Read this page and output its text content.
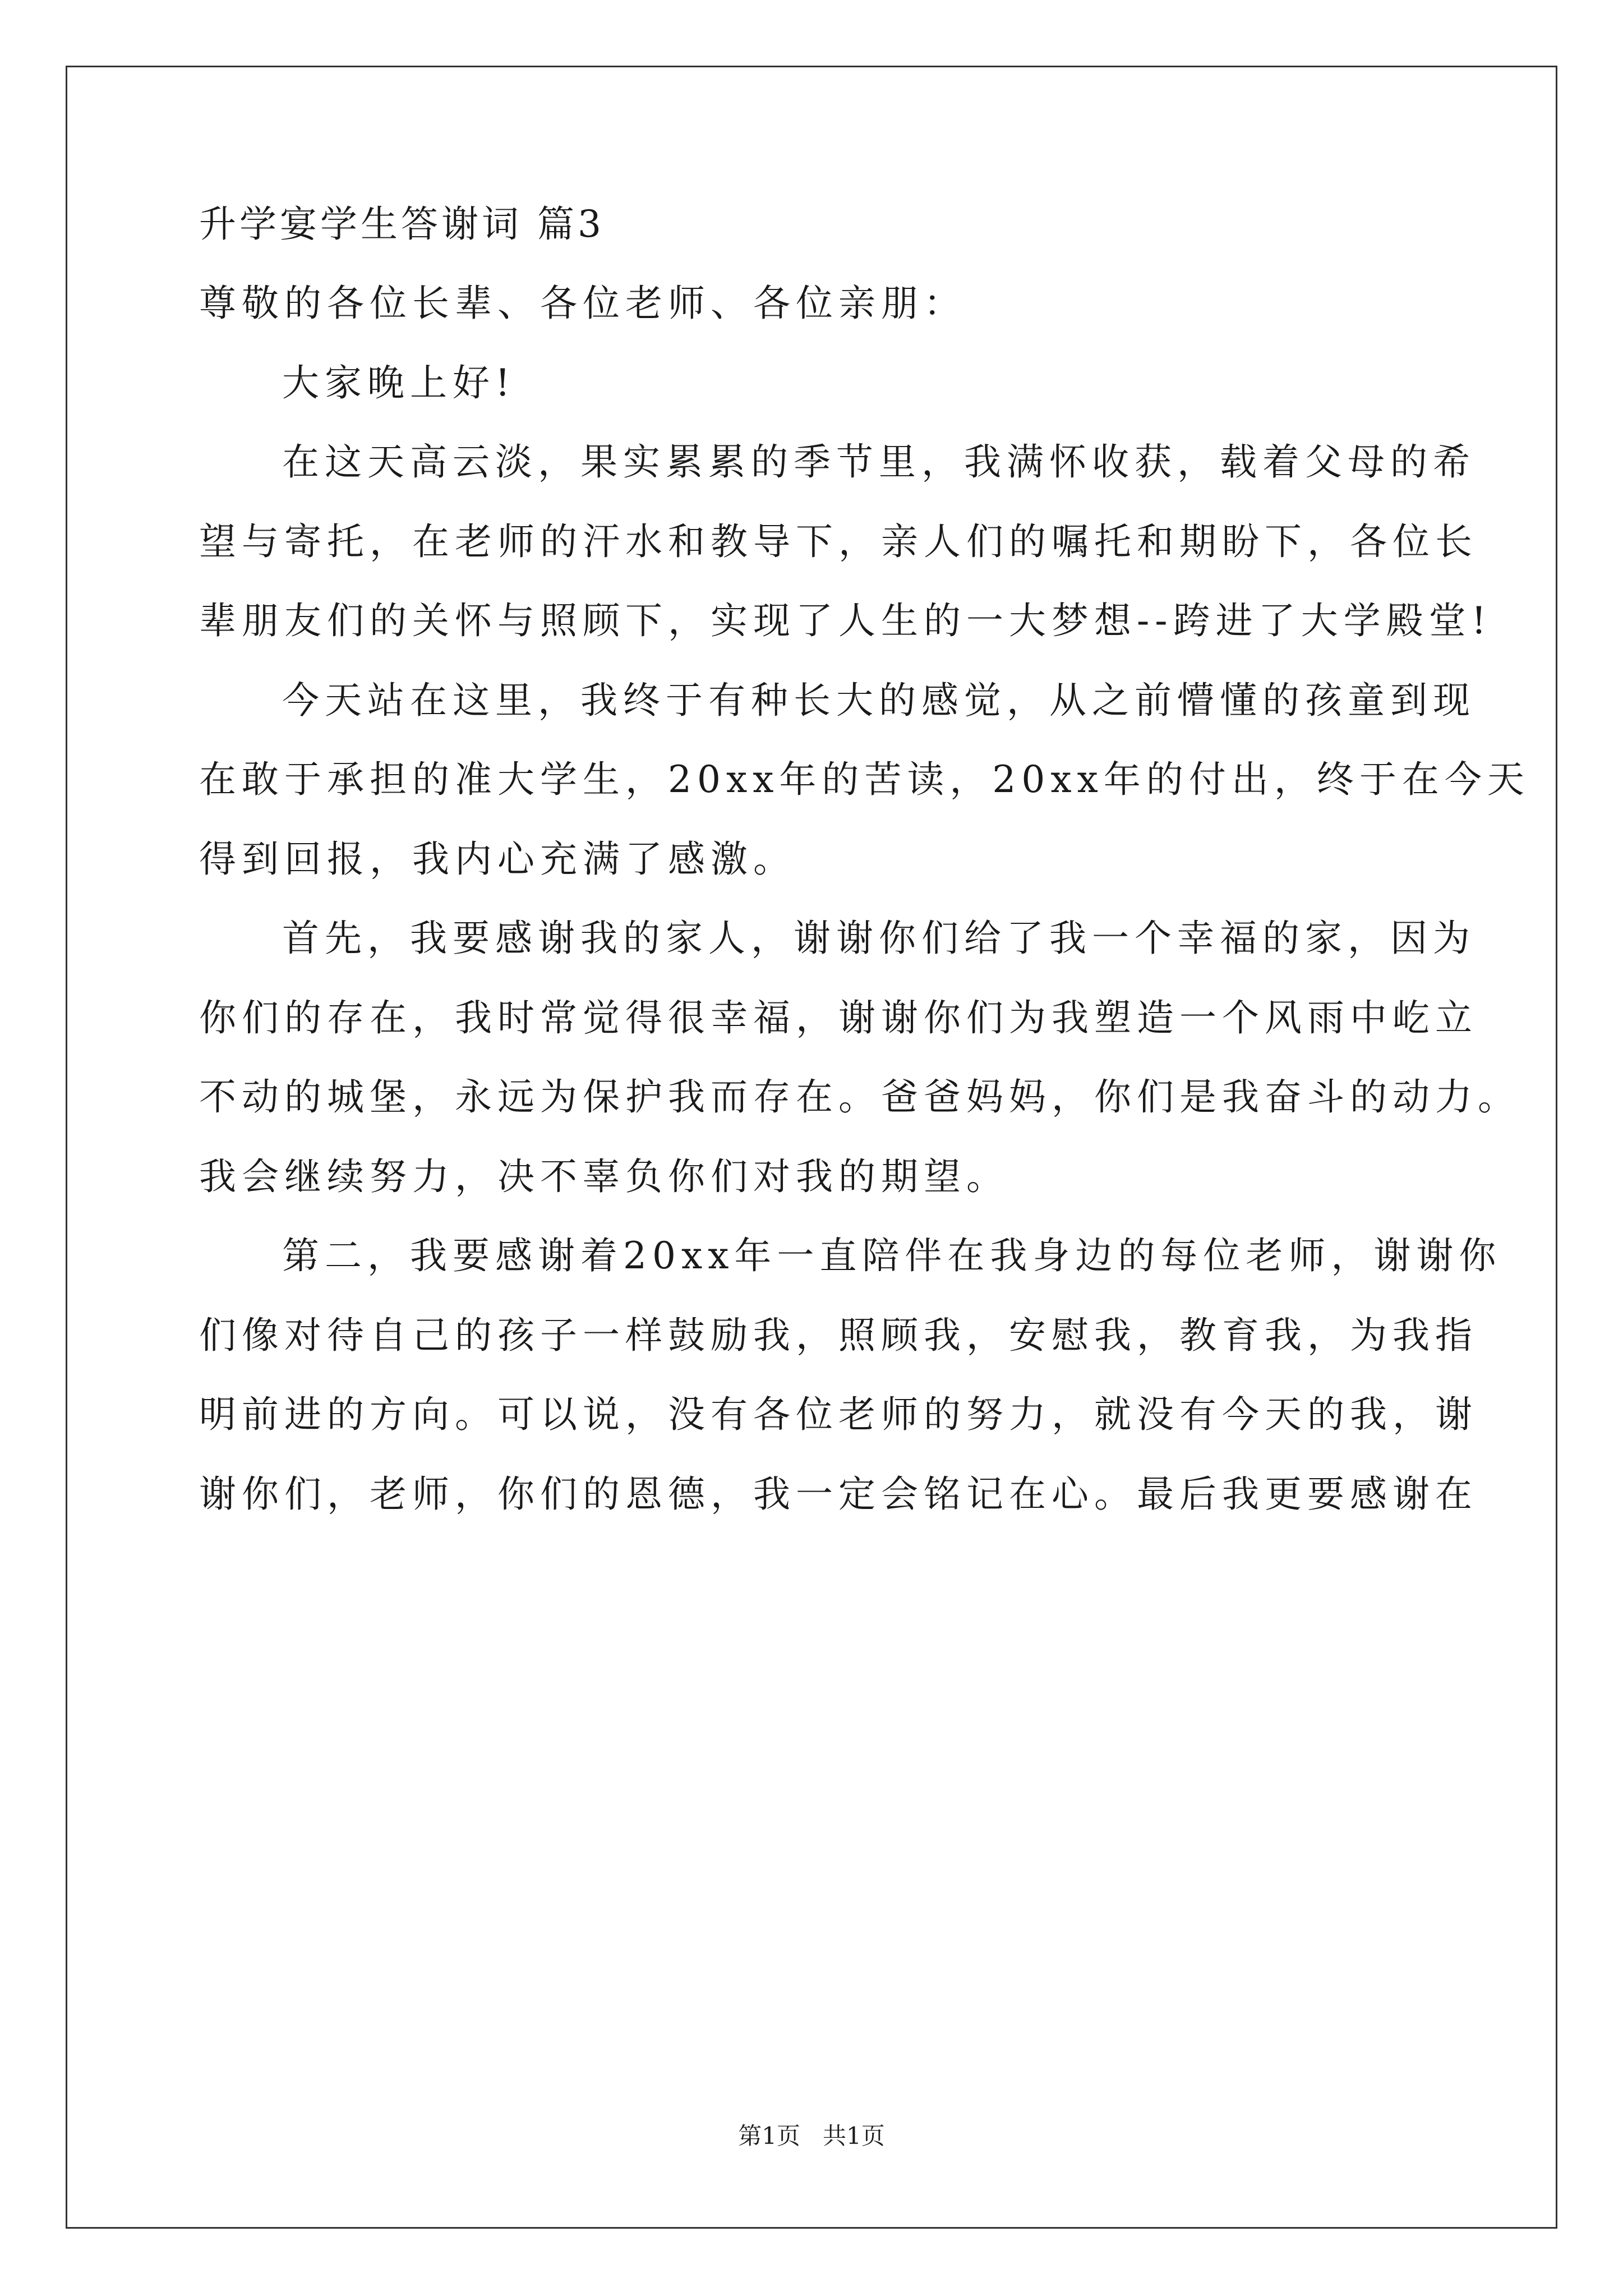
升学宴学生答谢词 篇3
尊敬的各位长辈、各位老师、各位亲朋：
大家晚上好!
在这天高云淡，果实累累的季节里，我满怀收获，载着父母的希
望与寄托，在老师的汗水和教导下，亲人们的嘱托和期盼下，各位长
辈朋友们的关怀与照顾下，实现了人生的一大梦想--跨进了大学殿堂!
今天站在这里，我终于有种长大的感觉，从之前懵懂的孩童到现
在敢于承担的准大学生，20xx年的苦读，20xx年的付出，终于在今天
得到回报，我内心充满了感激。
首先，我要感谢我的家人，谢谢你们给了我一个幸福的家，因为
你们的存在，我时常觉得很幸福，谢谢你们为我塑造一个风雨中屹立
不动的城堡，永远为保护我而存在。爸爸妈妈，你们是我奋斗的动力。
我会继续努力，决不辜负你们对我的期望。
第二，我要感谢着20xx年一直陪伴在我身边的每位老师，谢谢你
们像对待自己的孩子一样鼓励我，照顾我，安慰我，教育我，为我指
明前进的方向。可以说，没有各位老师的努力，就没有今天的我，谢
谢你们，老师，你们的恩德，我一定会铭记在心。最后我更要感谢在
第1页 共1页
